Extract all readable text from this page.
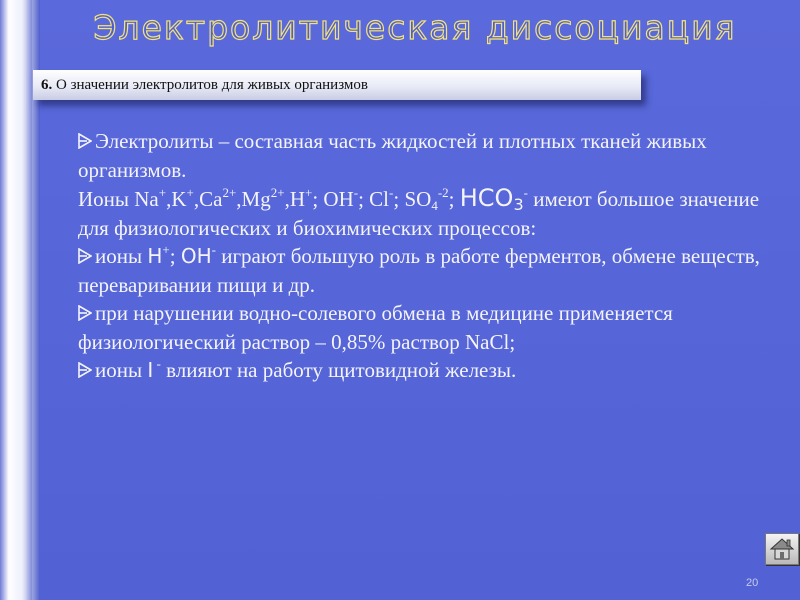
Электролитическая диссоциация
6. О значении электролитов для живых организмов

Электролиты – составная часть жидкостей и плотных тканей живых организмов.

Ионы $Na^+,K^+,Ca^{2+},Mg^{2+},H^+$; OH-; Cl-; $SO_4^{-2}$; $HCO_3^-$ имеют большое значение для физиологических и биохимических процессов:

ионы H+; OH- играют большую роль в работе ферментов, обмене веществ, переваривании пищи и др.

при нарушении водно-солевого обмена в медицине применяется физиологический раствор – 0,85% раствор NaCl;

ионы I - влияют на работу щитовидной железы.

20
